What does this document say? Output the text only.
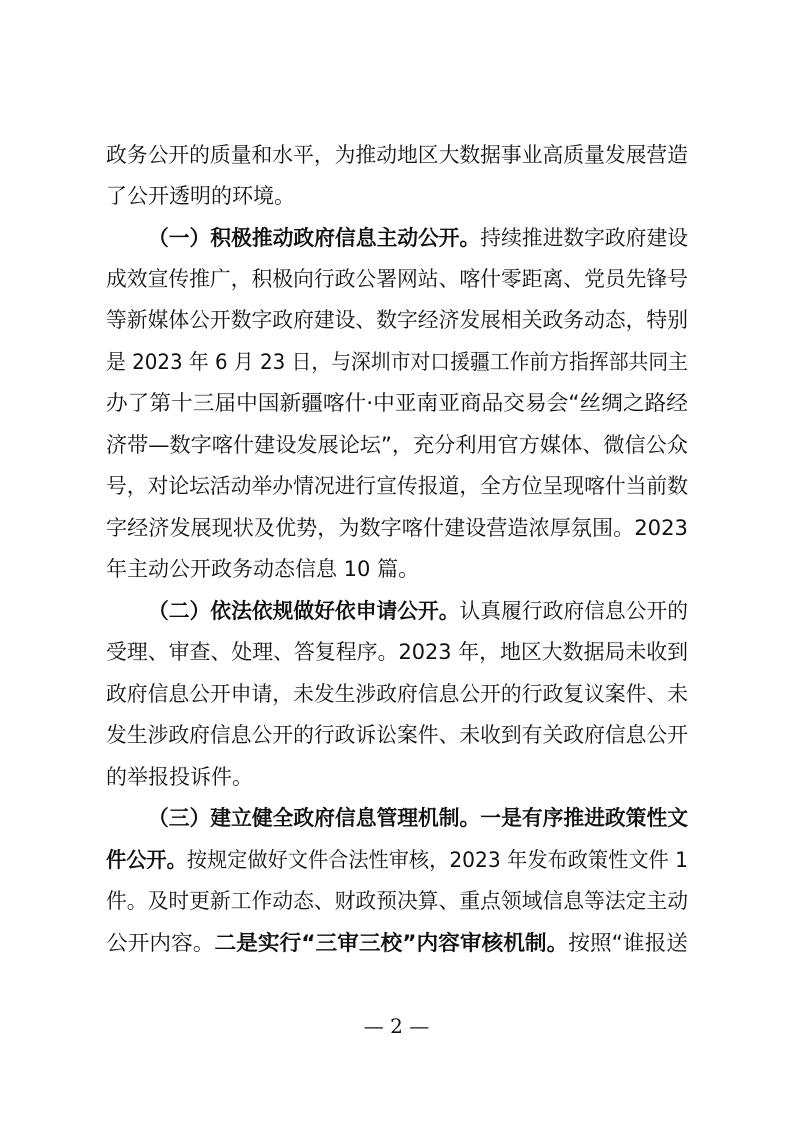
政务公开的质量和水平，为推动地区大数据事业高质量发展营造
了公开透明的环境。
（一）积极推动政府信息主动公开。持续推进数字政府建设
成效宣传推广，积极向行政公署网站、喀什零距离、党员先锋号
等新媒体公开数字政府建设、数字经济发展相关政务动态，特别
是 2023 年 6 月 23 日，与深圳市对口援疆工作前方指挥部共同主
办了第十三届中国新疆喀什·中亚南亚商品交易会“丝绸之路经
济带—数字喀什建设发展论坛”，充分利用官方媒体、微信公众
号，对论坛活动举办情况进行宣传报道，全方位呈现喀什当前数
字经济发展现状及优势，为数字喀什建设营造浓厚氛围。2023
年主动公开政务动态信息 10 篇。
（二）依法依规做好依申请公开。认真履行政府信息公开的
受理、审查、处理、答复程序。2023 年，地区大数据局未收到
政府信息公开申请，未发生涉政府信息公开的行政复议案件、未
发生涉政府信息公开的行政诉讼案件、未收到有关政府信息公开
的举报投诉件。
（三）建立健全政府信息管理机制。一是有序推进政策性文
件公开。按规定做好文件合法性审核，2023 年发布政策性文件 1
件。及时更新工作动态、财政预决算、重点领域信息等法定主动
公开内容。二是实行“三审三校”内容审核机制。按照“谁报送
— 2 —
